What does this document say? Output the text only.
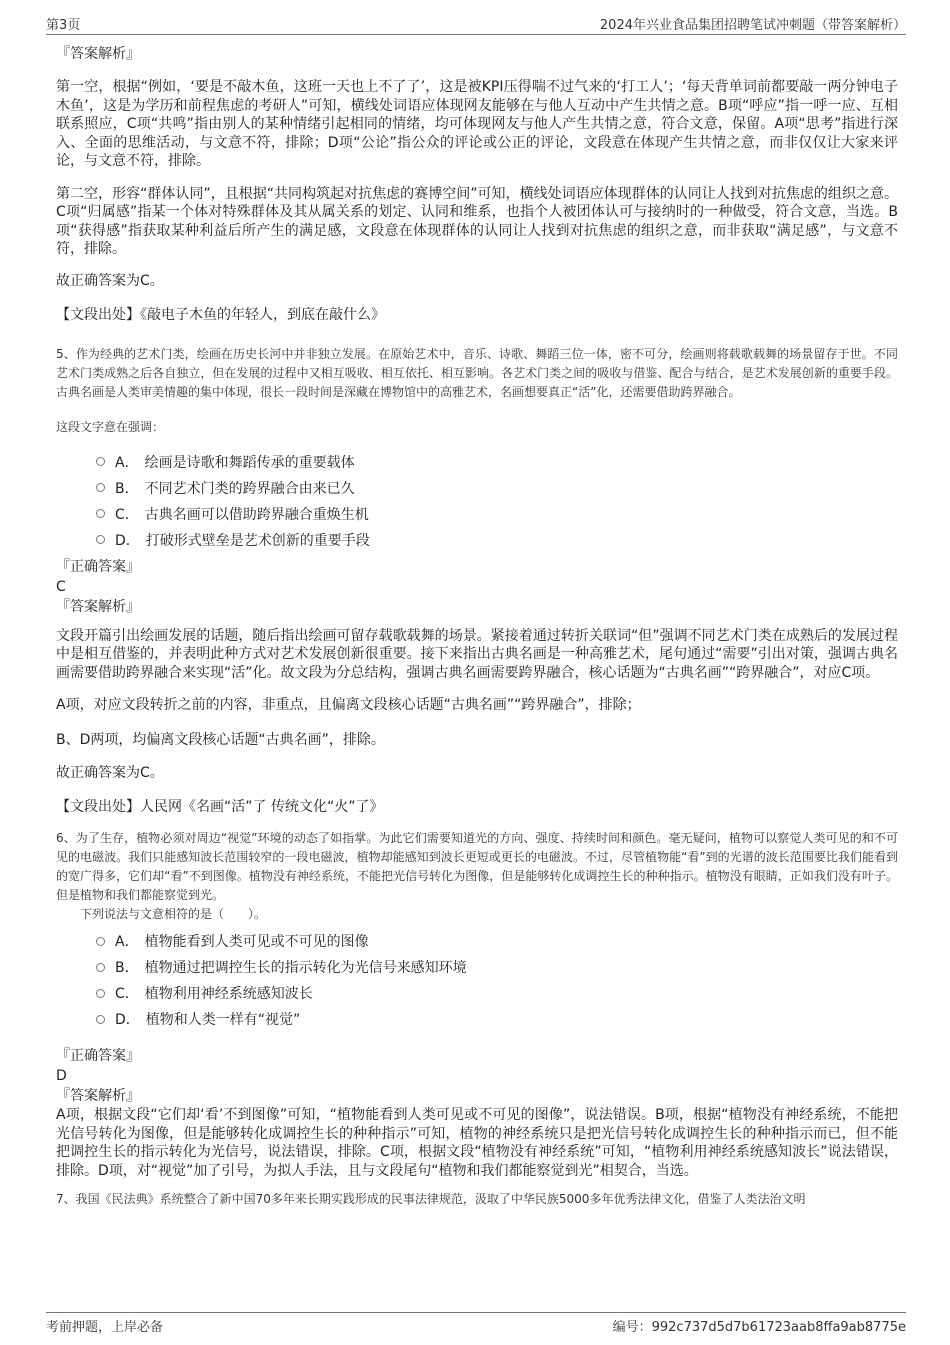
第3页	2024年兴业食品集团招聘笔试冲刺题（带答案解析）

『答案解析』

第一空，根据“例如，‘要是不敲木鱼，这班一天也上不了了’，这是被KPI压得喘不过气来的‘打工人’；‘每天背单词前都要敲一两分钟电子木鱼’，这是为学历和前程焦虑的考研人”可知，横线处词语应体现网友能够在与他人互动中产生共情之意。B项“呼应”指一呼一应、互相联系照应，C项“共鸣”指由别人的某种情绪引起相同的情绪，均可体现网友与他人产生共情之意，符合文意，保留。A项“思考”指进行深入、全面的思维活动，与文意不符，排除；D项“公论”指公众的评论或公正的评论，文段意在体现产生共情之意，而非仅仅让大家来评论，与文意不符，排除。

第二空，形容“群体认同”，且根据“共同构筑起对抗焦虑的赛博空间”可知，横线处词语应体现群体的认同让人找到对抗焦虑的组织之意。C项“归属感”指某一个体对特殊群体及其从属关系的划定、认同和维系，也指个人被团体认可与接纳时的一种做受，符合文意，当选。B项“获得感”指获取某种利益后所产生的满足感，文段意在体现群体的认同让人找到对抗焦虑的组织之意，而非获取“满足感”，与文意不符，排除。

故正确答案为C。

【文段出处】《敲电子木鱼的年轻人，到底在敲什么》

5、作为经典的艺术门类，绘画在历史长河中并非独立发展。在原始艺术中，音乐、诗歌、舞蹈三位一体，密不可分，绘画则将载歌载舞的场景留存于世。不同艺术门类成熟之后各自独立，但在发展的过程中又相互吸收、相互依托、相互影响。各艺术门类之间的吸收与借鉴、配合与结合，是艺术发展创新的重要手段。古典名画是人类审美情趣的集中体现，很长一段时间是深藏在博物馆中的高雅艺术，名画想要真正“活”化，还需要借助跨界融合。

这段文字意在强调：

A． 绘画是诗歌和舞蹈传承的重要载体
B． 不同艺术门类的跨界融合由来已久
C． 古典名画可以借助跨界融合重焕生机
D． 打破形式壁垒是艺术创新的重要手段

『正确答案』

C

『答案解析』

文段开篇引出绘画发展的话题，随后指出绘画可留存载歌载舞的场景。紧接着通过转折关联词“但”强调不同艺术门类在成熟后的发展过程中是相互借鉴的，并表明此种方式对艺术发展创新很重要。接下来指出古典名画是一种高雅艺术，尾句通过“需要”引出对策，强调古典名画需要借助跨界融合来实现“活”化。故文段为分总结构，强调古典名画需要跨界融合，核心话题为“古典名画”“跨界融合”，对应C项。

A项，对应文段转折之前的内容，非重点，且偏离文段核心话题“古典名画”“跨界融合”，排除；

B、D两项，均偏离文段核心话题“古典名画”，排除。

故正确答案为C。

【文段出处】人民网《名画“活”了 传统文化“火”了》

6、为了生存，植物必须对周边“视觉”环境的动态了如指掌。为此它们需要知道光的方向、强度、持续时间和颜色。毫无疑问，植物可以察觉人类可见的和不可见的电磁波。我们只能感知波长范围较窄的一段电磁波，植物却能感知到波长更短或更长的电磁波。不过，尽管植物能“看”到的光谱的波长范围要比我们能看到的宽广得多，它们却“看”不到图像。植物没有神经系统，不能把光信号转化为图像，但是能够转化成调控生长的种种指示。植物没有眼睛，正如我们没有叶子。但是植物和我们都能察觉到光。

下列说法与文意相符的是（　　）。

A． 植物能看到人类可见或不可见的图像
B． 植物通过把调控生长的指示转化为光信号来感知环境
C． 植物利用神经系统感知波长
D． 植物和人类一样有“视觉”

『正确答案』

D

『答案解析』

A项，根据文段“它们却‘看’不到图像”可知，“植物能看到人类可见或不可见的图像”，说法错误。B项，根据“植物没有神经系统，不能把光信号转化为图像，但是能够转化成调控生长的种种指示”可知，植物的神经系统只是把光信号转化成调控生长的种种指示而已，但不能把调控生长的指示转化为光信号，说法错误，排除。C项，根据文段“植物没有神经系统”可知，“植物利用神经系统感知波长”说法错误，排除。D项，对“视觉”加了引号，为拟人手法，且与文段尾句“植物和我们都能察觉到光”相契合，当选。

7、我国《民法典》系统整合了新中国70多年来长期实践形成的民事法律规范，汲取了中华民族5000多年优秀法律文化，借鉴了人类法治文明

考前押题，上岸必备	编号：992c737d5d7b61723aab8ffa9ab8775e
